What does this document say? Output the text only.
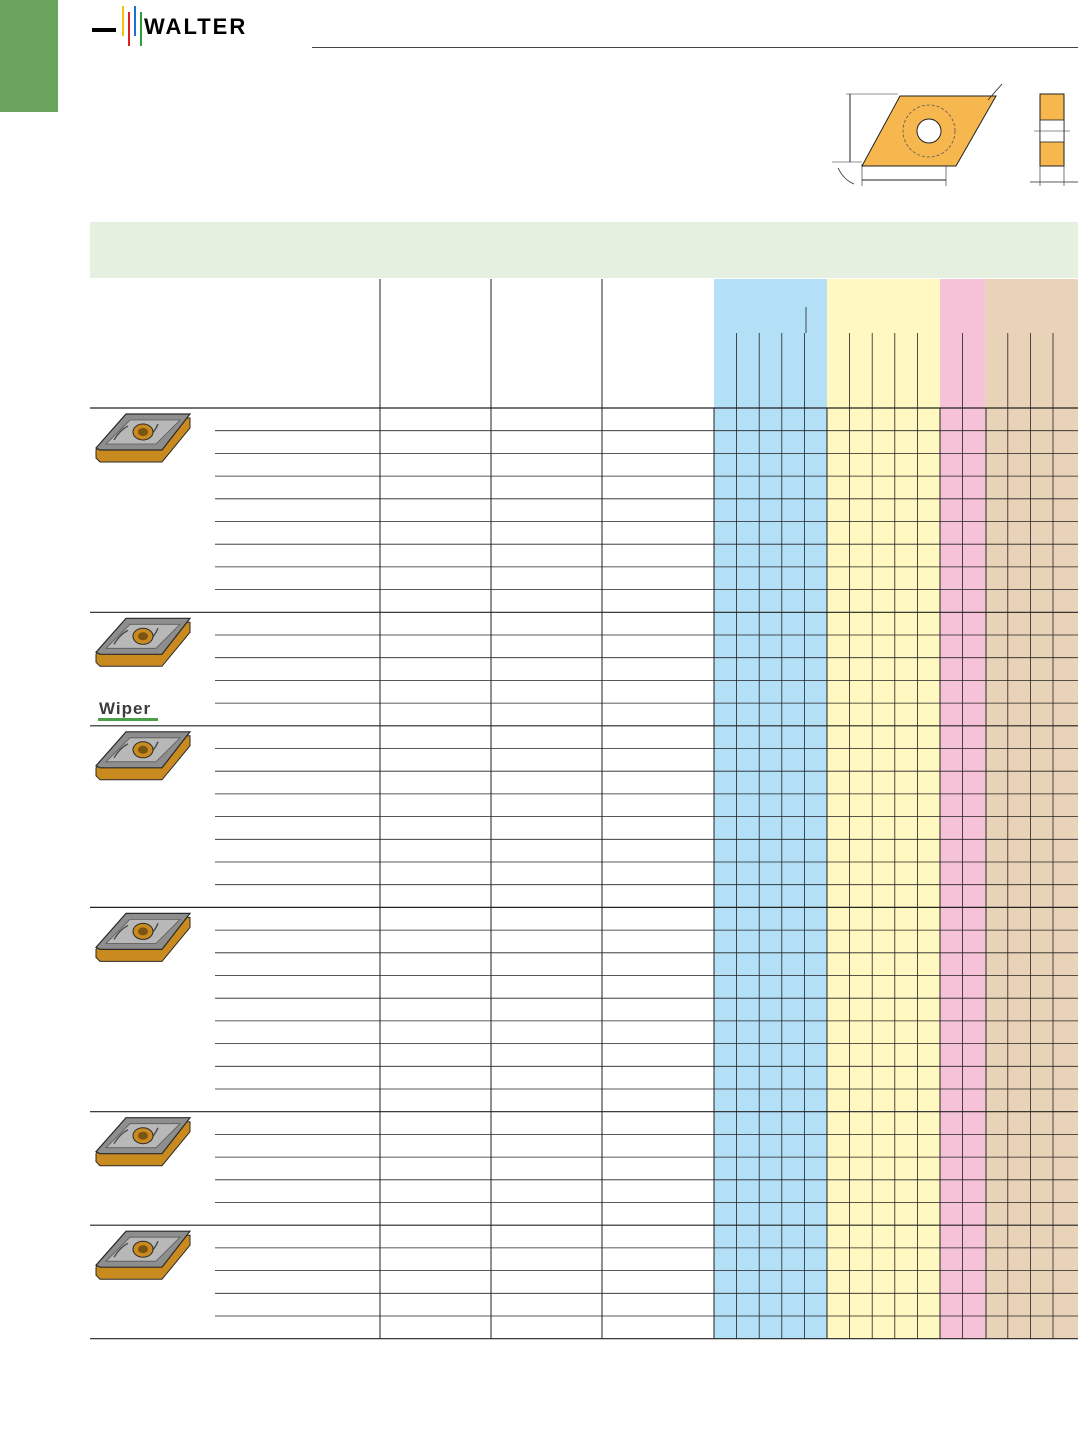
WALTER
Wiper
